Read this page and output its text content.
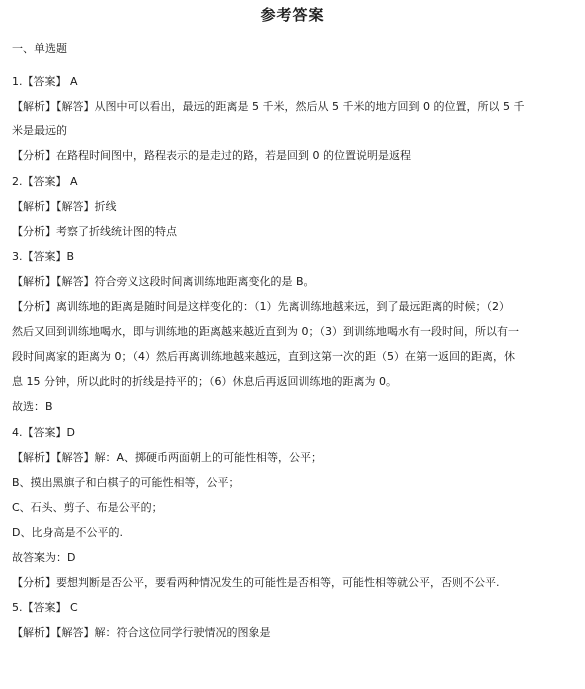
参考答案
一、单选题
1.【答案】 A
【解析】【解答】从图中可以看出，最远的距离是 5 千米，然后从 5 千米的地方回到 0 的位置，所以 5 千
米是最远的
【分析】在路程时间图中，路程表示的是走过的路，若是回到 0 的位置说明是返程
2.【答案】 A
【解析】【解答】折线
【分析】考察了折线统计图的特点
3.【答案】B
【解析】【解答】符合旁义这段时间离训练地距离变化的是 B。
【分析】离训练地的距离是随时间是这样变化的：（1）先离训练地越来远，到了最远距离的时候；（2）
然后又回到训练地喝水，即与训练地的距离越来越近直到为 0；（3）到训练地喝水有一段时间，所以有一
段时间离家的距离为 0；（4）然后再离训练地越来越远，直到这第一次的距（5）在第一返回的距离，休
息 15 分钟，所以此时的折线是持平的；（6）休息后再返回训练地的距离为 0。
故选：B
4.【答案】D
【解析】【解答】解：A、掷硬币两面朝上的可能性相等，公平；
B、摸出黑旗子和白棋子的可能性相等，公平；
C、石头、剪子、布是公平的；
D、比身高是不公平的.
故答案为：D
【分析】要想判断是否公平，要看两种情况发生的可能性是否相等，可能性相等就公平，否则不公平.
5.【答案】 C
【解析】【解答】解：符合这位同学行驶情况的图象是
